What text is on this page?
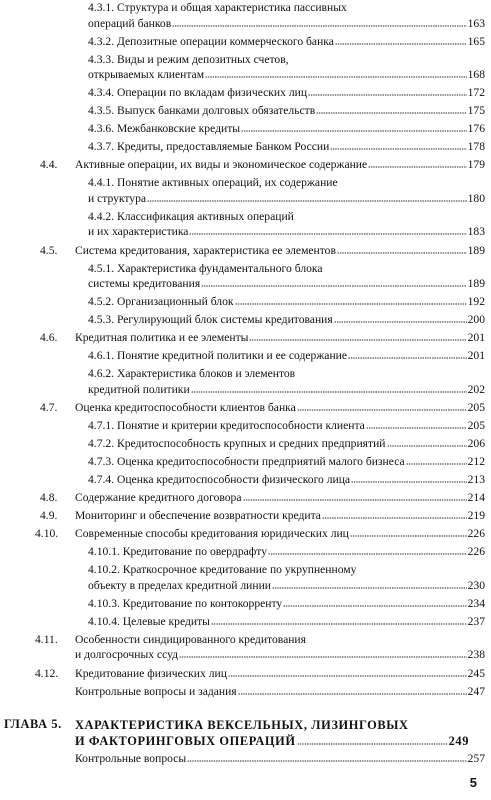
4.3.1. Структура и общая характеристика пассивных
операций банков	163
4.3.2. Депозитные операции коммерческого банка	165
4.3.3. Виды и режим депозитных счетов,
открываемых клиентам	168
4.3.4. Операции по вкладам физических лиц	172
4.3.5. Выпуск банками долговых обязательств	175
4.3.6. Межбанковские кредиты	176
4.3.7. Кредиты, предоставляемые Банком России	178
4.4. Активные операции, их виды и экономическое содержание	179
4.4.1. Понятие активных операций, их содержание
и структура	180
4.4.2. Классификация активных операций
и их характеристика	183
4.5. Система кредитования, характеристика ее элементов	189
4.5.1. Характеристика фундаментального блока
системы кредитования	189
4.5.2. Организационный блок	192
4.5.3. Регулирующий блок системы кредитования	200
4.6. Кредитная политика и ее элементы	201
4.6.1. Понятие кредитной политики и ее содержание	201
4.6.2. Характеристика блоков и элементов
кредитной политики	202
4.7. Оценка кредитоспособности клиентов банка	205
4.7.1. Понятие и критерии кредитоспособности клиента	205
4.7.2. Кредитоспособность крупных и средних предприятий	206
4.7.3. Оценка кредитоспособности предприятий малого бизнеса	212
4.7.4. Оценка кредитоспособности физического лица	213
4.8. Содержание кредитного договора	214
4.9. Мониторинг и обеспечение возвратности кредита	219
4.10. Современные способы кредитования юридических лиц	226
4.10.1. Кредитование по овердрафту	226
4.10.2. Краткосрочное кредитование по укрупненному
объекту в пределах кредитной линии	230
4.10.3. Кредитование по контокорренту	234
4.10.4. Целевые кредиты	237
4.11. Особенности синдицированного кредитования
и долгосрочных ссуд	238
4.12. Кредитование физических лиц	245
Контрольные вопросы и задания	247
ГЛАВА 5. ХАРАКТЕРИСТИКА ВЕКСЕЛЬНЫХ, ЛИЗИНГОВЫХ
И ФАКТОРИНГОВЫХ ОПЕРАЦИЙ	249
Контрольные вопросы	257
5
